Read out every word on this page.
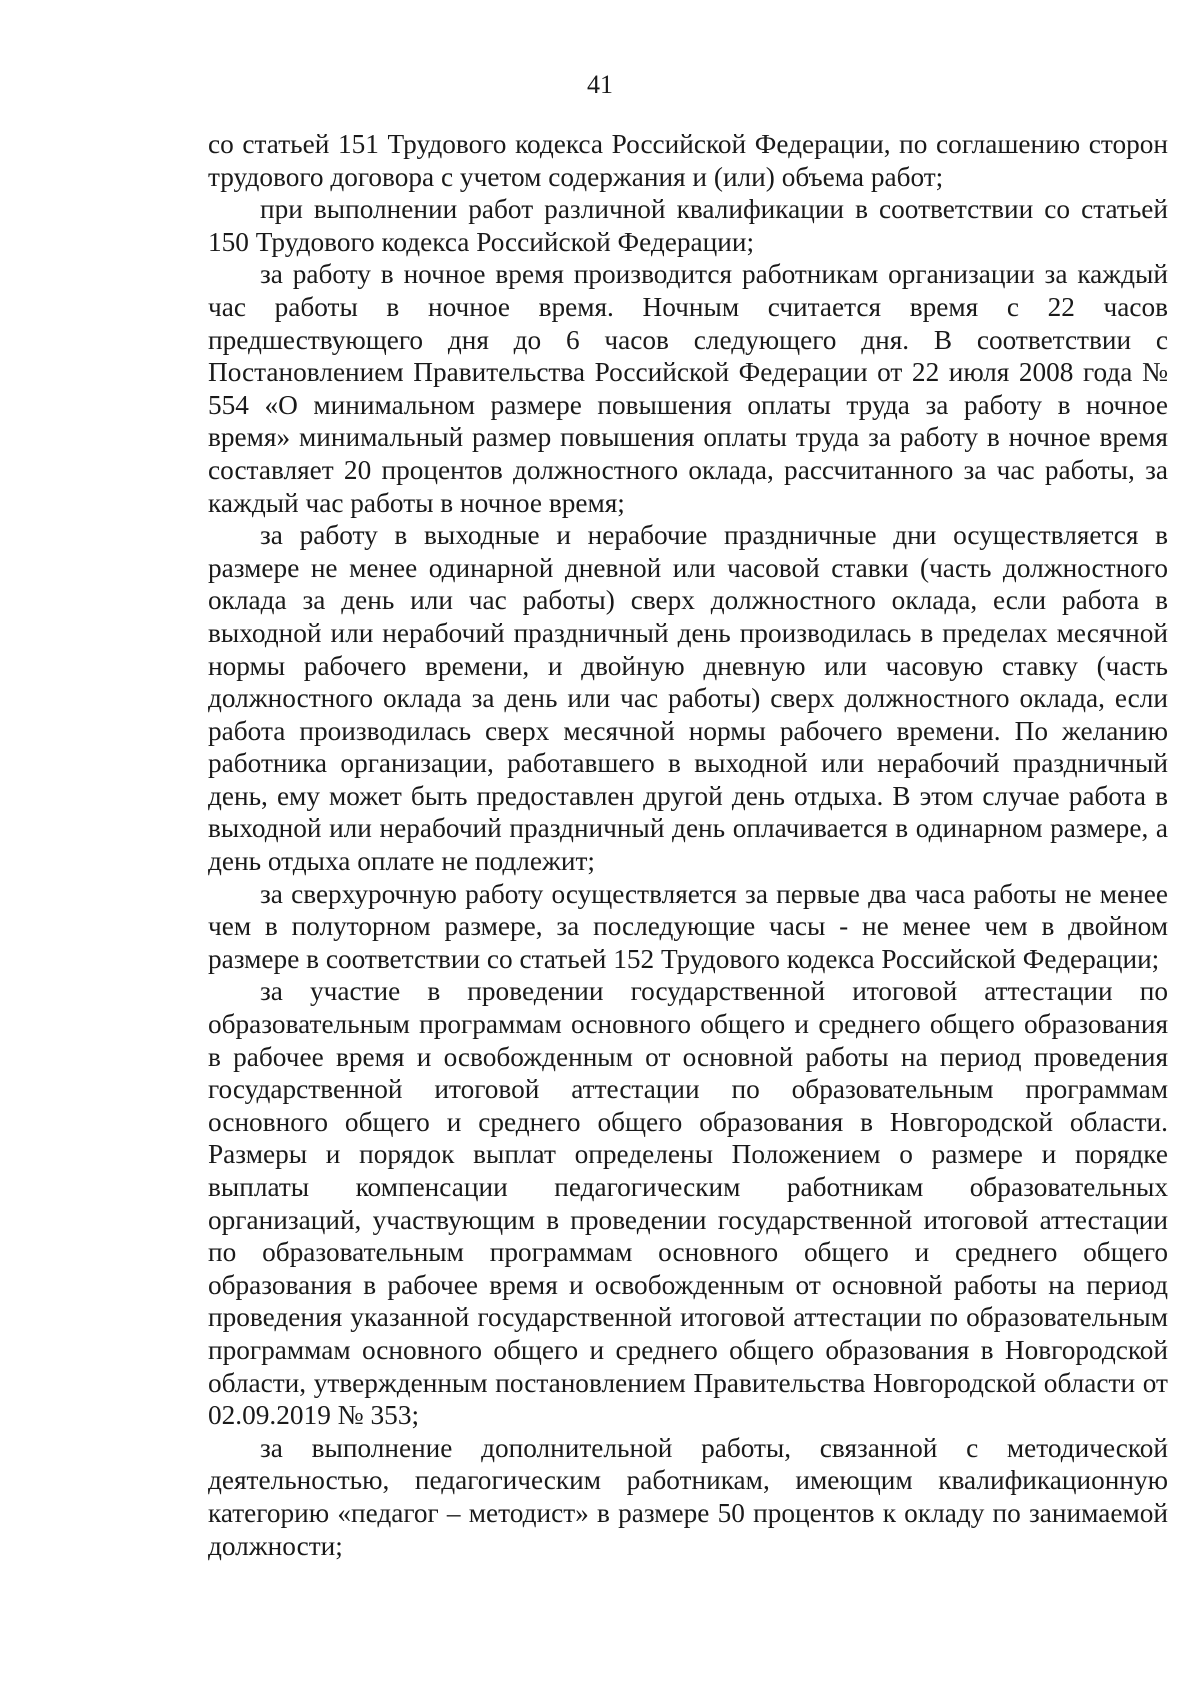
41

со статьей 151 Трудового кодекса Российской Федерации, по соглашению сторон трудового договора с учетом содержания и (или) объема работ;

при выполнении работ различной квалификации в соответствии со статьей 150 Трудового кодекса Российской Федерации;

за работу в ночное время производится работникам организации за каждый час работы в ночное время. Ночным считается время с 22 часов предшествующего дня до 6 часов следующего дня. В соответствии с Постановлением Правительства Российской Федерации от 22 июля 2008 года № 554 «О минимальном размере повышения оплаты труда за работу в ночное время» минимальный размер повышения оплаты труда за работу в ночное время составляет 20 процентов должностного оклада, рассчитанного за час работы, за каждый час работы в ночное время;

за работу в выходные и нерабочие праздничные дни осуществляется в размере не менее одинарной дневной или часовой ставки (часть должностного оклада за день или час работы) сверх должностного оклада, если работа в выходной или нерабочий праздничный день производилась в пределах месячной нормы рабочего времени, и двойную дневную или часовую ставку (часть должностного оклада за день или час работы) сверх должностного оклада, если работа производилась сверх месячной нормы рабочего времени. По желанию работника организации, работавшего в выходной или нерабочий праздничный день, ему может быть предоставлен другой день отдыха. В этом случае работа в выходной или нерабочий праздничный день оплачивается в одинарном размере, а день отдыха оплате не подлежит;

за сверхурочную работу осуществляется за первые два часа работы не менее чем в полуторном размере, за последующие часы - не менее чем в двойном размере в соответствии со статьей 152 Трудового кодекса Российской Федерации;

за участие в проведении государственной итоговой аттестации по образовательным программам основного общего и среднего общего образования в рабочее время и освобожденным от основной работы на период проведения государственной итоговой аттестации по образовательным программам основного общего и среднего общего образования в Новгородской области. Размеры и порядок выплат определены Положением о размере и порядке выплаты компенсации педагогическим работникам образовательных организаций, участвующим в проведении государственной итоговой аттестации по образовательным программам основного общего и среднего общего образования в рабочее время и освобожденным от основной работы на период проведения указанной государственной итоговой аттестации по образовательным программам основного общего и среднего общего образования в Новгородской области, утвержденным постановлением Правительства Новгородской области от 02.09.2019 № 353;

за выполнение дополнительной работы, связанной с методической деятельностью, педагогическим работникам, имеющим квалификационную категорию «педагог – методист» в размере 50 процентов к окладу по занимаемой должности;
